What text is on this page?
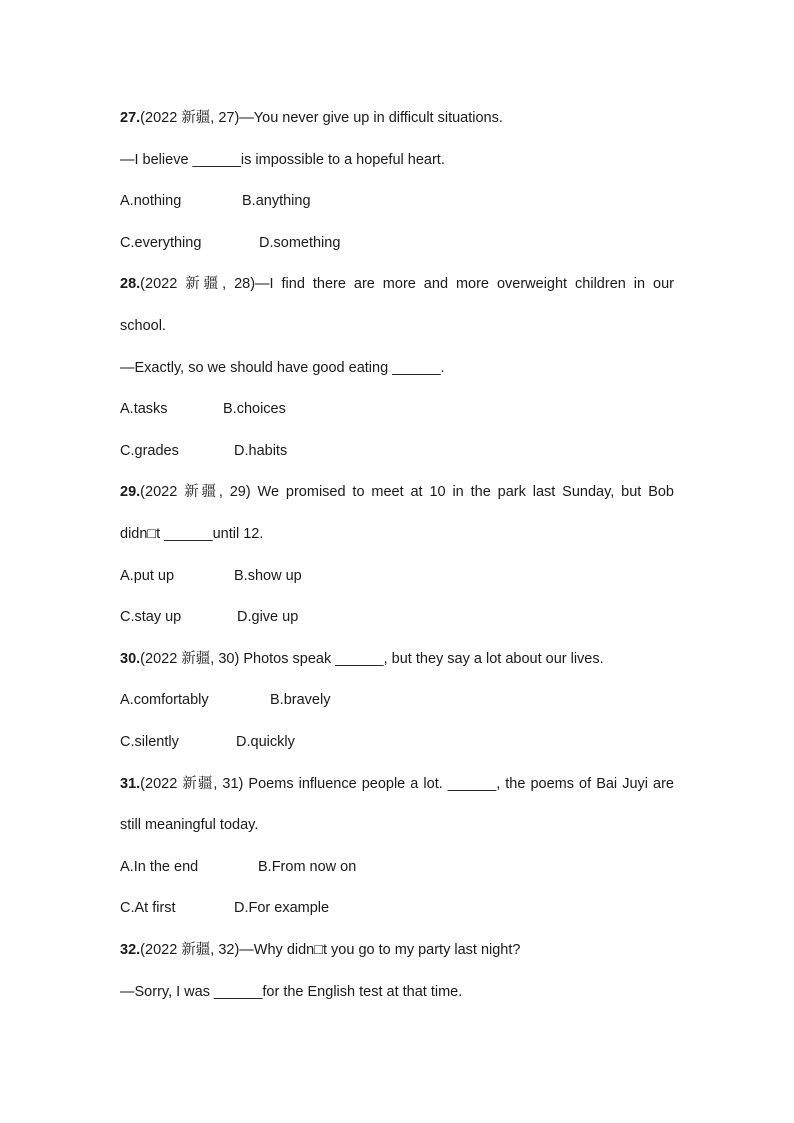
27.(2022 新疆, 27)—You never give up in difficult situations.
—I believe ______is impossible to a hopeful heart.
A.nothing	B.anything
C.everything	D.something
28.(2022 新疆, 28)—I find there are more and more overweight children in our
school.
—Exactly, so we should have good eating ______.
A.tasks	B.choices
C.grades	D.habits
29.(2022 新疆, 29) We promised to meet at 10 in the park last Sunday, but Bob
didn□t ______until 12.
A.put up	B.show up
C.stay up	D.give up
30.(2022 新疆, 30) Photos speak ______, but they say a lot about our lives.
A.comfortably	B.bravely
C.silently	D.quickly
31.(2022 新疆, 31) Poems influence people a lot. ______, the poems of Bai Juyi are
still meaningful today.
A.In the end	B.From now on
C.At first	D.For example
32.(2022 新疆, 32)—Why didn□t you go to my party last night?
—Sorry, I was ______for the English test at that time.
